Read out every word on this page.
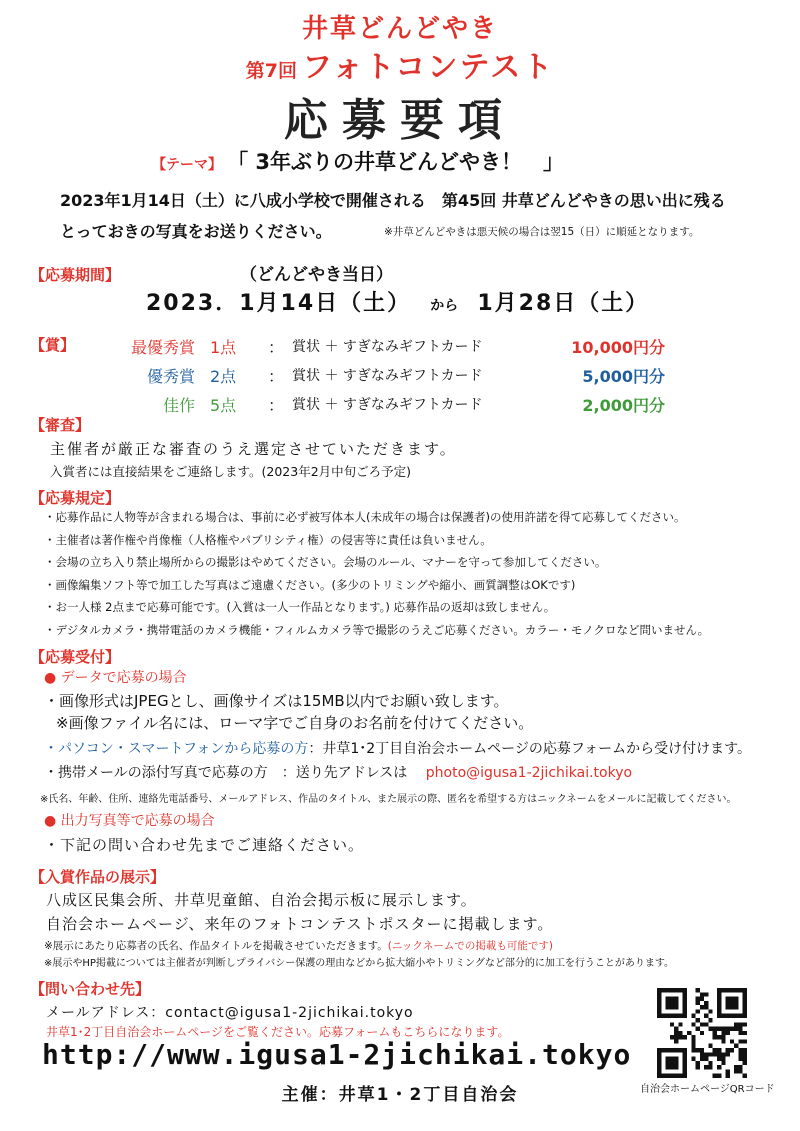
井草どんどやき
第7回 フォトコンテスト
応募要項
【テーマ】 「 3年ぶりの井草どんどやき！　」
2023年1月14日（土）に八成小学校で開催される　第45回 井草どんどやきの思い出に残る
とっておきの写真をお送りください。	※井草どんどやきは悪天候の場合は翌15（日）に順延となります。
【応募期間】	（どんどやき当日）
2023．1月14日（土） から 1月28日（土）
【賞】	最優秀賞 1点 ： 賞状 ＋ すぎなみギフトカード	10,000円分
優秀賞 2点 ： 賞状 ＋ すぎなみギフトカード	5,000円分
佳作 5点 ： 賞状 ＋ すぎなみギフトカード	2,000円分
【審査】
主催者が厳正な審査のうえ選定させていただきます。
入賞者には直接結果をご連絡します。(2023年2月中旬ごろ予定)
【応募規定】
・応募作品に人物等が含まれる場合は、事前に必ず被写体本人(未成年の場合は保護者)の使用許諾を得て応募してください。
・主催者は著作権や肖像権（人格権やパブリシティ権）の侵害等に責任は負いません。
・会場の立ち入り禁止場所からの撮影はやめてください。会場のルール、マナーを守って参加してください。
・画像編集ソフト等で加工した写真はご遠慮ください。(多少のトリミングや縮小、画質調整はOKです)
・お一人様 2点まで応募可能です。(入賞は一人一作品となります。) 応募作品の返却は致しません。
・デジタルカメラ・携帯電話のカメラ機能・フィルムカメラ等で撮影のうえご応募ください。カラー・モノクロなど問いません。
【応募受付】
● データで応募の場合
・画像形式はJPEGとし、画像サイズは15MB以内でお願い致します。
※画像ファイル名には、ローマ字でご自身のお名前を付けてください。
・パソコン・スマートフォンから応募の方：井草1･2丁目自治会ホームページの応募フォームから受け付けます。
・携帯メールの添付写真で応募の方　：送り先アドレスは photo@igusa1-2jichikai.tokyo
※氏名、年齢、住所、連絡先電話番号、メールアドレス、作品のタイトル、また展示の際、匿名を希望する方はニックネームをメールに記載してください。
● 出力写真等で応募の場合
・下記の問い合わせ先までご連絡ください。
【入賞作品の展示】
八成区民集会所、井草児童館、自治会掲示板に展示します。
自治会ホームページ、来年のフォトコンテストポスターに掲載します。
※展示にあたり応募者の氏名、作品タイトルを掲載させていただきます。(ニックネームでの掲載も可能です)
※展示やHP掲載については主催者が判断しプライバシー保護の理由などから拡大縮小やトリミングなど部分的に加工を行うことがあります。
【問い合わせ先】
メールアドレス：contact@igusa1-2jichikai.tokyo
井草1･2丁目自治会ホームページをご覧ください。応募フォームもこちらになります。
http://www.igusa1-2jichikai.tokyo
主催：井草1・2丁目自治会	自治会ホームページQRコード
